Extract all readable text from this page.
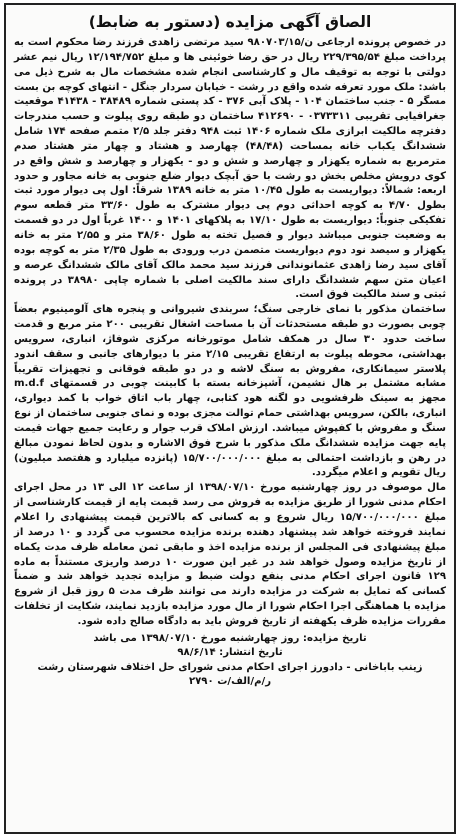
الصاق آگهی مزایده (دستور به ضابط)

در خصوص پرونده ارجاعی ن/۹۸۰۷۰۳/۱۵ سید مرتضی زاهدی فرزند رضا محکوم است به پرداخت مبلغ ۲۲۹/۳۹۵/۵۴ ریال در حق رضا خوئینی ها و مبلغ ۱۲/۱۹۴/۷۵۲ ریال نیم عشر دولتی با توجه به توقیف مال و کارشناسی انجام شده مشخصات مال به شرح ذیل می باشد: ملک مورد تعرفه شده واقع در رشت - خیابان سردار جنگل - انتهای کوچه بن بست مسگر ۵ - جنب ساختمان ۱۰۴ - پلاک آبی ۳۷۶ - کد پستی شماره ۳۸۴۸۹ - ۴۱۴۳۸ موقعیت جغرافیایی تقریبی ۰۳۷۳۳۱۱ - ۴۱۲۶۹۰ ساختمان دو طبقه روی پیلوت و حسب مندرجات دفترچه مالکیت ابرازی ملک شماره ۱۴۰۶ ثبت ۹۴۸ دفتر جلد ۲/۵ متمم صفحه ۱۷۴ شامل ششدانگ یکباب خانه بمساحت (۴۸/۴۸) چهارصد و هشتاد و چهار متر هشتاد صدم مترمربع به شماره یکهزار و چهارصد و شش و دو - یکهزار و چهارصد و شش واقع در کوی درویش مخلص بخش دو رشت با حق آبچک دیوار ضلع جنوبی به خانه مجاور و حدود اربعه: شمالاً: دیواریست به طول ۱۰/۴۵ متر به خانه ۱۳۸۹ شرقاً: اول پی دیوار مورد ثبت بطول ۴/۷۰ به کوچه احداثی دوم پی دیوار مشترک به طول ۳۳/۶۰ متر قطعه سوم تفکیکی جنوباً: دیواریست به طول ۱۷/۱۰ به پلاکهای ۱۴۰۱ و ۱۴۰۰ غرباً اول در دو قسمت به وضعیت جنوبی میباشد دیوار و فصیل تخته به طول ۳۸/۶۰ متر و ۲/۵۵ متر به خانه یکهزار و سیصد نود دوم دیواریست متصمن درب ورودی به طول ۲/۳۵ متر به کوچه بوده آقای سید رضا زاهدی عثمانوندانی فرزند سید محمد مالک آقای مالک ششدانگ عرصه و اعیان متن سهم ششدانگ دارای سند مالکیت اصلی با شماره چاپی ۳۸۹۸۰ در پرونده ثبتی و سند مالکیت فوق است.

ساختمان مذکور با نمای خارجی سنگ؛ سربندی شیروانی و پنجره های آلومینیوم بعضاً چوبی بصورت دو طبقه مستحدثات آن با مساحت اشغال تقریبی ۲۰۰ متر مربع و قدمت ساخت حدود ۳۰ سال در همکف شامل موتورخانه مرکزی شوفاژ، انباری، سرویس بهداشتی، محوطه پیلوت به ارتفاع تقریبی ۲/۱۵ متر با دیوارهای جانبی و سقف اندود پلاستر سیمانکاری، مفروش به سنگ لاشه و در دو طبقه فوقانی و تجهیزات تقریباً مشابه مشتمل بر هال نشیمن، آشپزخانه بسته با کابینت چوبی در قسمتهای m.d.f مجهز به سینک ظرفشویی دو لگنه هود کتابی، چهار باب اتاق خواب با کمد دیواری، انباری، بالکن، سرویس بهداشتی حمام توالت مجزی بوده و نمای جنوبی ساختمان از نوع سنگ و مفروش با کفپوش میباشد. ارزش املاک قرب جوار و رعایت جمیع جهات قیمت پایه جهت مزایده ششدانگ ملک مذکور با شرح فوق الاشاره و بدون لحاظ نمودن مبالغ در رهن و بازداشت احتمالی به مبلغ ۱۵/۷۰۰/۰۰۰/۰۰۰ (پانزده میلیارد و هفتصد میلیون) ریال تقویم و اعلام میگردد.

مال موصوف در روز چهارشنبه مورخ ۱۳۹۸/۰۷/۱۰ از ساعت ۱۲ الی ۱۳ در محل اجرای احکام مدنی شورا از طریق مزایده به فروش می رسد قیمت پایه از قیمت کارشناسی از مبلغ ۱۵/۷۰۰/۰۰۰/۰۰۰ ریال شروع و به کسانی که بالاترین قیمت پیشنهادی را اعلام نمایند فروخته خواهد شد پیشنهاد دهنده برنده مزایده محسوب می گردد و ۱۰ درصد از مبلغ پیشنهادی فی المجلس از برنده مزایده اخذ و مابقی ثمن معامله ظرف مدت یکماه از تاریخ مزایده وصول خواهد شد در غیر این صورت ۱۰ درصد واریزی مستنداً به ماده ۱۲۹ قانون اجرای احکام مدنی بنفع دولت ضبط و مزایده تجدید خواهد شد و ضمناً کسانی که تمایل به شرکت در مزایده دارند می توانند ظرف مدت ۵ روز قبل از شروع مزایده با هماهنگی اجرا احکام شورا از مال مورد مزایده بازدید نمایند، شکایت از تخلفات مقررات مزایده ظرف یکهفته از تاریخ فروش باید به دادگاه صالح داده شود.

تاریخ مزایده: روز چهارشنبه مورخ ۱۳۹۸/۰۷/۱۰ می باشد
تاریخ انتشار: ۹۸/۶/۱۴
زینب باباخانی - دادورز اجرای احکام مدنی شورای حل اختلاف شهرستان رشت
ر/م/الف/ت ۲۷۹۰
